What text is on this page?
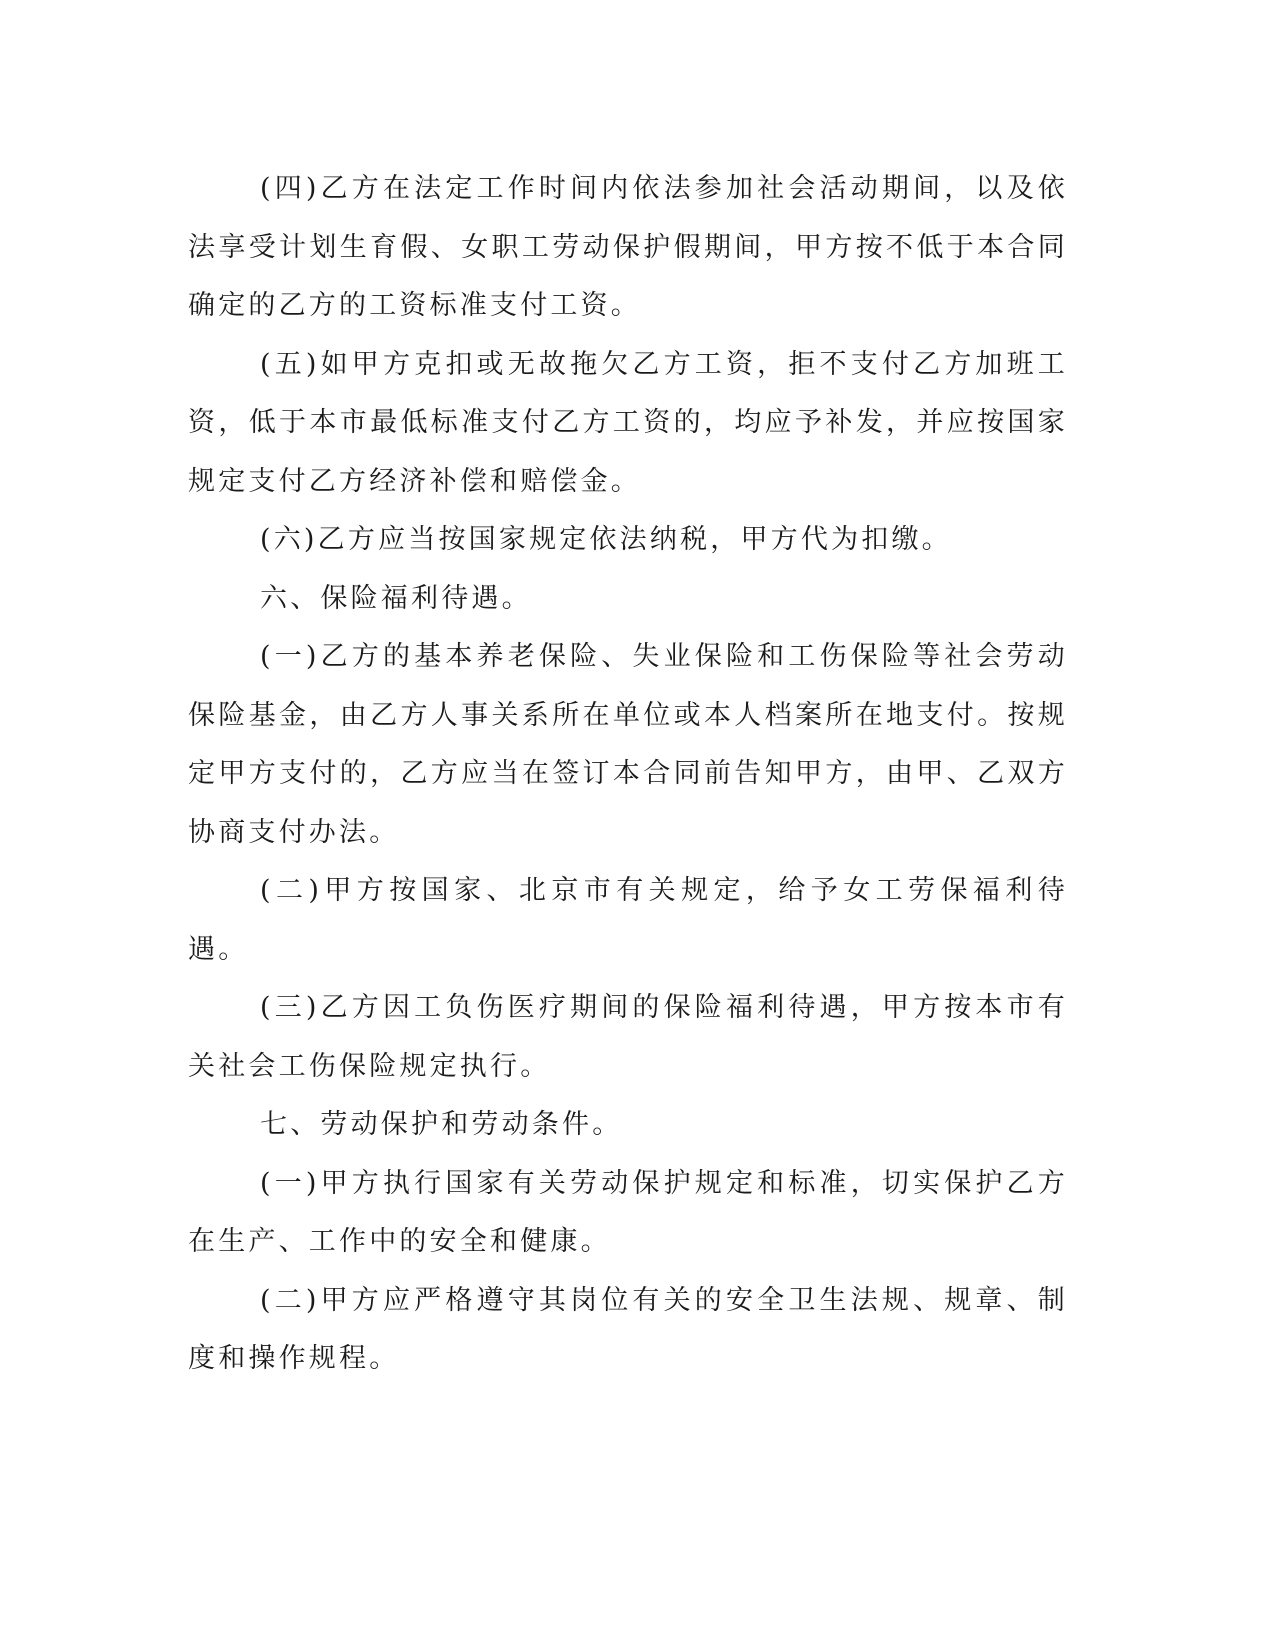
(四)乙方在法定工作时间内依法参加社会活动期间，以及依法享受计划生育假、女职工劳动保护假期间，甲方按不低于本合同确定的乙方的工资标准支付工资。

(五)如甲方克扣或无故拖欠乙方工资，拒不支付乙方加班工资，低于本市最低标准支付乙方工资的，均应予补发，并应按国家规定支付乙方经济补偿和赔偿金。

(六)乙方应当按国家规定依法纳税，甲方代为扣缴。

六、保险福利待遇。

(一)乙方的基本养老保险、失业保险和工伤保险等社会劳动保险基金，由乙方人事关系所在单位或本人档案所在地支付。按规定甲方支付的，乙方应当在签订本合同前告知甲方，由甲、乙双方协商支付办法。

(二)甲方按国家、北京市有关规定，给予女工劳保福利待遇。

(三)乙方因工负伤医疗期间的保险福利待遇，甲方按本市有关社会工伤保险规定执行。

七、劳动保护和劳动条件。

(一)甲方执行国家有关劳动保护规定和标准，切实保护乙方在生产、工作中的安全和健康。

(二)甲方应严格遵守其岗位有关的安全卫生法规、规章、制度和操作规程。
